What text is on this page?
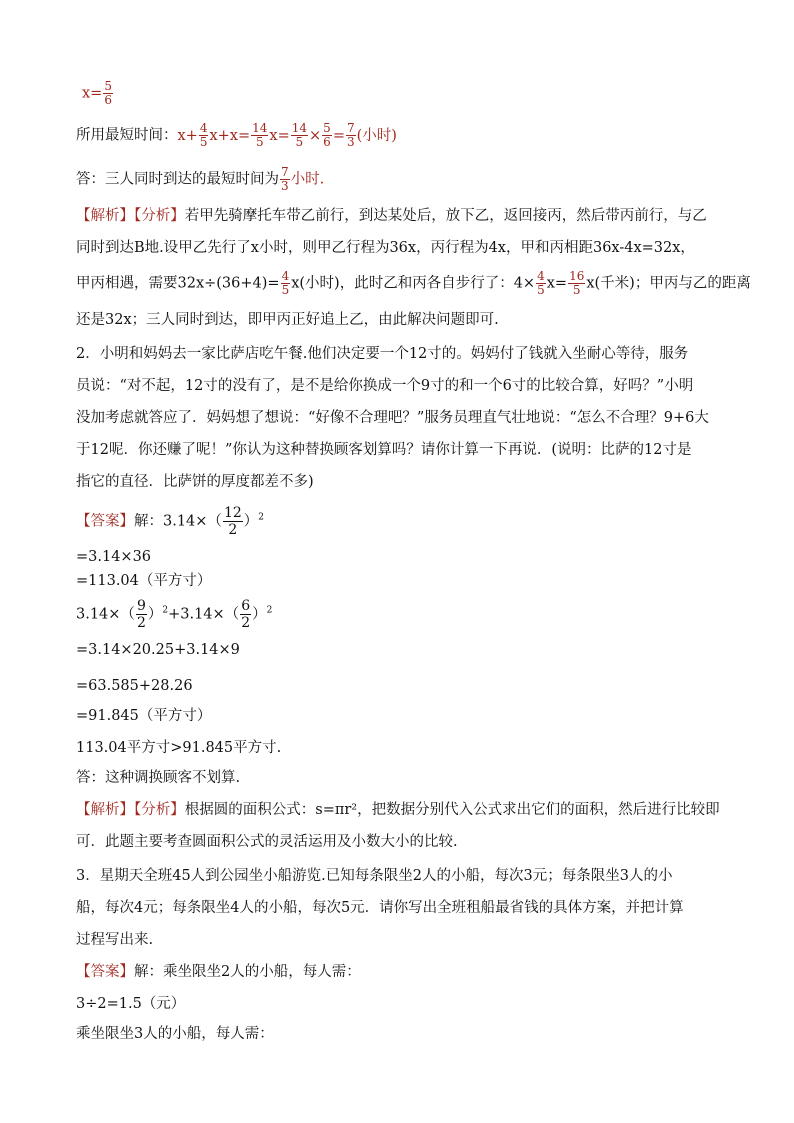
$x= \frac{5}{6}$
所用最短时间：$x+ \frac{4}{5} x+x= \frac{14}{5} x= \frac{14}{5} \times \frac{5}{6} = \frac{7}{3}$ (小时)
答：三人同时到达的最短时间为 $\frac{7}{3}$ 小时.
【解析】【分析】若甲先骑摩托车带乙前行，到达某处后，放下乙，返回接丙，然后带丙前行，与乙
同时到达B地.设甲乙先行了x小时，则甲乙行程为36x，丙行程为4x，甲和丙相距36x-4x=32x，
甲丙相遇，需要$32x\div(36+4)= \frac{4}{5} x$(小时)，此时乙和丙各自步行了：$4\times \frac{4}{5} x= \frac{16}{5} x$(千米)；甲丙与乙的距离
还是32x；三人同时到达，即甲丙正好追上乙，由此解决问题即可.
2．小明和妈妈去一家比萨店吃午餐.他们决定要一个12寸的。妈妈付了钱就入坐耐心等待，服务
员说：“对不起，12寸的没有了，是不是给你换成一个9寸的和一个6寸的比较合算，好吗？”小明
没加考虑就答应了．妈妈想了想说：“好像不合理吧？”服务员理直气壮地说：“怎么不合理？9+6大
于12呢．你还赚了呢！”你认为这种替换顾客划算吗？请你计算一下再说．(说明：比萨的12寸是
指它的直径．比萨饼的厚度都差不多)
【答案】解：$3.14\times( \frac{12}{2} )^2$
=3.14×36
=113.04（平方寸）
$3.14\times( \frac{9}{2} )^2+3.14\times( \frac{6}{2} )^2$
=3.14×20.25+3.14×9
=63.585+28.26
=91.845（平方寸）
113.04平方寸>91.845平方寸.
答：这种调换顾客不划算.
【解析】【分析】根据圆的面积公式：s=πr²，把数据分别代入公式求出它们的面积，然后进行比较即
可．此题主要考查圆面积公式的灵活运用及小数大小的比较.
3．星期天全班45人到公园坐小船游览.已知每条限坐2人的小船，每次3元；每条限坐3人的小
船，每次4元；每条限坐4人的小船，每次5元．请你写出全班租船最省钱的具体方案，并把计算
过程写出来.
【答案】解：乘坐限坐2人的小船，每人需：
3÷2=1.5（元）
乘坐限坐3人的小船，每人需：
